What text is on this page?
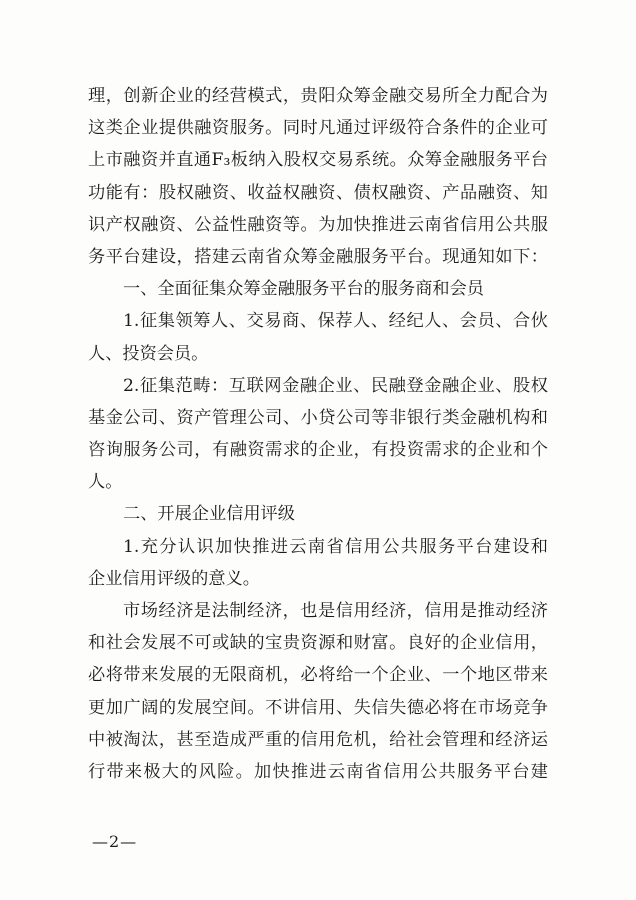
理，创新企业的经营模式，贵阳众筹金融交易所全力配合为
这类企业提供融资服务。同时凡通过评级符合条件的企业可
上市融资并直通F₃板纳入股权交易系统。众筹金融服务平台
功能有：股权融资、收益权融资、债权融资、产品融资、知
识产权融资、公益性融资等。为加快推进云南省信用公共服
务平台建设，搭建云南省众筹金融服务平台。现通知如下：
一、全面征集众筹金融服务平台的服务商和会员
1.征集领筹人、交易商、保荐人、经纪人、会员、合伙
人、投资会员。
2.征集范畴：互联网金融企业、民融登金融企业、股权
基金公司、资产管理公司、小贷公司等非银行类金融机构和
咨询服务公司，有融资需求的企业，有投资需求的企业和个
人。
二、开展企业信用评级
1.充分认识加快推进云南省信用公共服务平台建设和
企业信用评级的意义。
市场经济是法制经济，也是信用经济，信用是推动经济
和社会发展不可或缺的宝贵资源和财富。良好的企业信用，
必将带来发展的无限商机，必将给一个企业、一个地区带来
更加广阔的发展空间。不讲信用、失信失德必将在市场竞争
中被淘汰，甚至造成严重的信用危机，给社会管理和经济运
行带来极大的风险。加快推进云南省信用公共服务平台建
—2—
